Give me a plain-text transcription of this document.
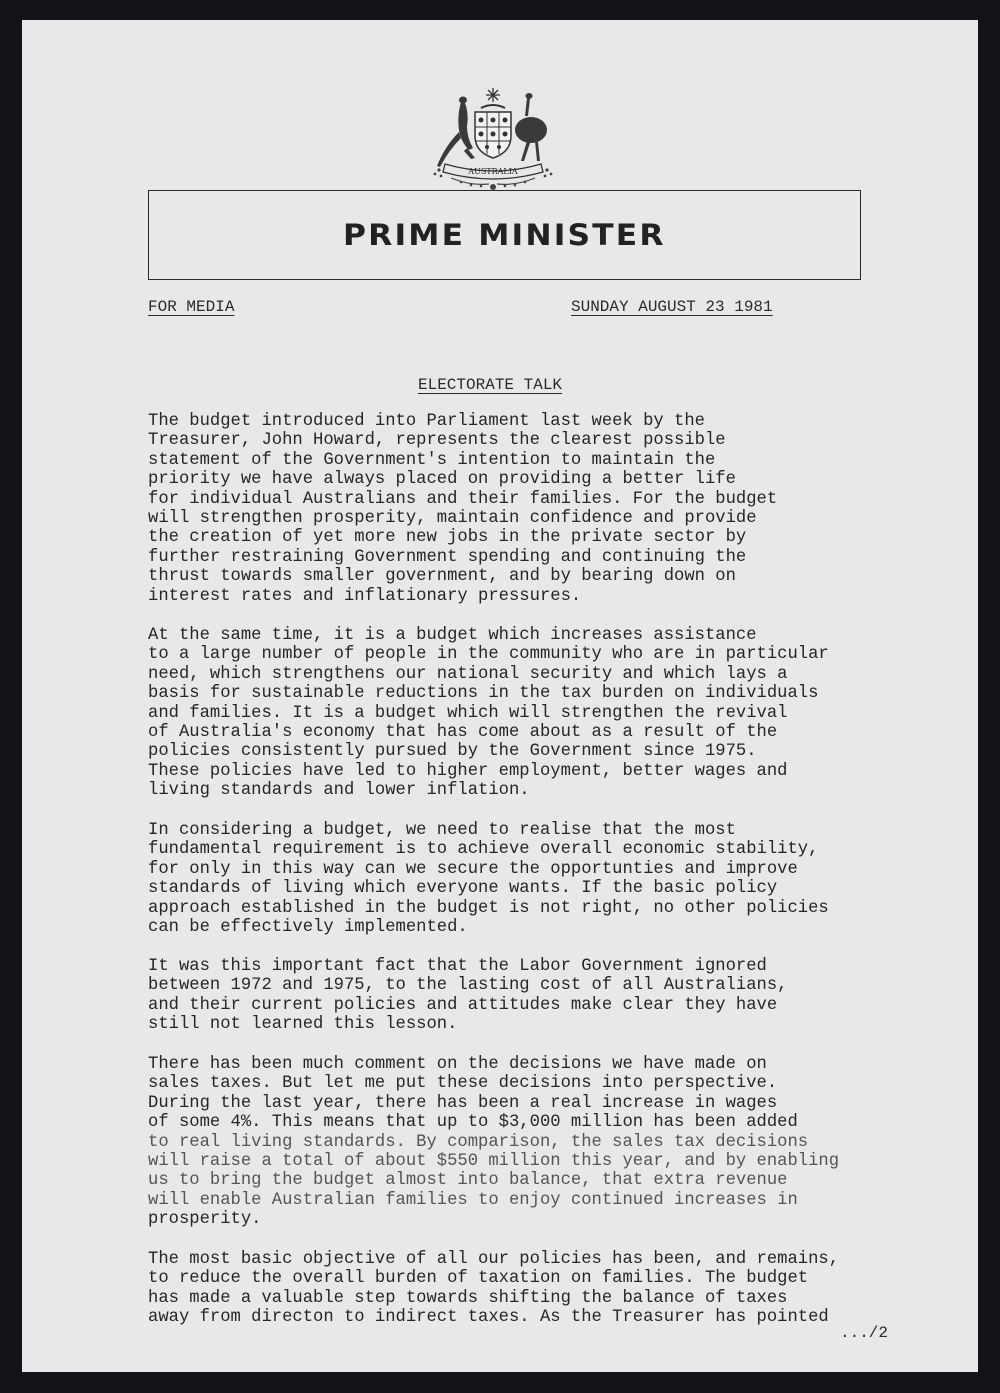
AUSTRALIA
PRIME MINISTER
FOR MEDIA	SUNDAY AUGUST 23 1981
ELECTORATE TALK
The budget introduced into Parliament last week by the
Treasurer, John Howard, represents the clearest possible
statement of the Government's intention to maintain the
priority we have always placed on providing a better life
for individual Australians and their families. For the budget
will strengthen prosperity, maintain confidence and provide
the creation of yet more new jobs in the private sector by
further restraining Government spending and continuing the
thrust towards smaller government, and by bearing down on
interest rates and inflationary pressures.
At the same time, it is a budget which increases assistance
to a large number of people in the community who are in particular
need, which strengthens our national security and which lays a
basis for sustainable reductions in the tax burden on individuals
and families. It is a budget which will strengthen the revival
of Australia's economy that has come about as a result of the
policies consistently pursued by the Government since 1975.
These policies have led to higher employment, better wages and
living standards and lower inflation.
In considering a budget, we need to realise that the most
fundamental requirement is to achieve overall economic stability,
for only in this way can we secure the opportunties and improve
standards of living which everyone wants. If the basic policy
approach established in the budget is not right, no other policies
can be effectively implemented.
It was this important fact that the Labor Government ignored
between 1972 and 1975, to the lasting cost of all Australians,
and their current policies and attitudes make clear they have
still not learned this lesson.
There has been much comment on the decisions we have made on
sales taxes. But let me put these decisions into perspective.
During the last year, there has been a real increase in wages
of some 4%. This means that up to $3,000 million has been added
to real living standards. By comparison, the sales tax decisions
will raise a total of about $550 million this year, and by enabling
us to bring the budget almost into balance, that extra revenue
will enable Australian families to enjoy continued increases in
prosperity.
The most basic objective of all our policies has been, and remains,
to reduce the overall burden of taxation on families. The budget
has made a valuable step towards shifting the balance of taxes
away from directon to indirect taxes. As the Treasurer has pointed
.../2
